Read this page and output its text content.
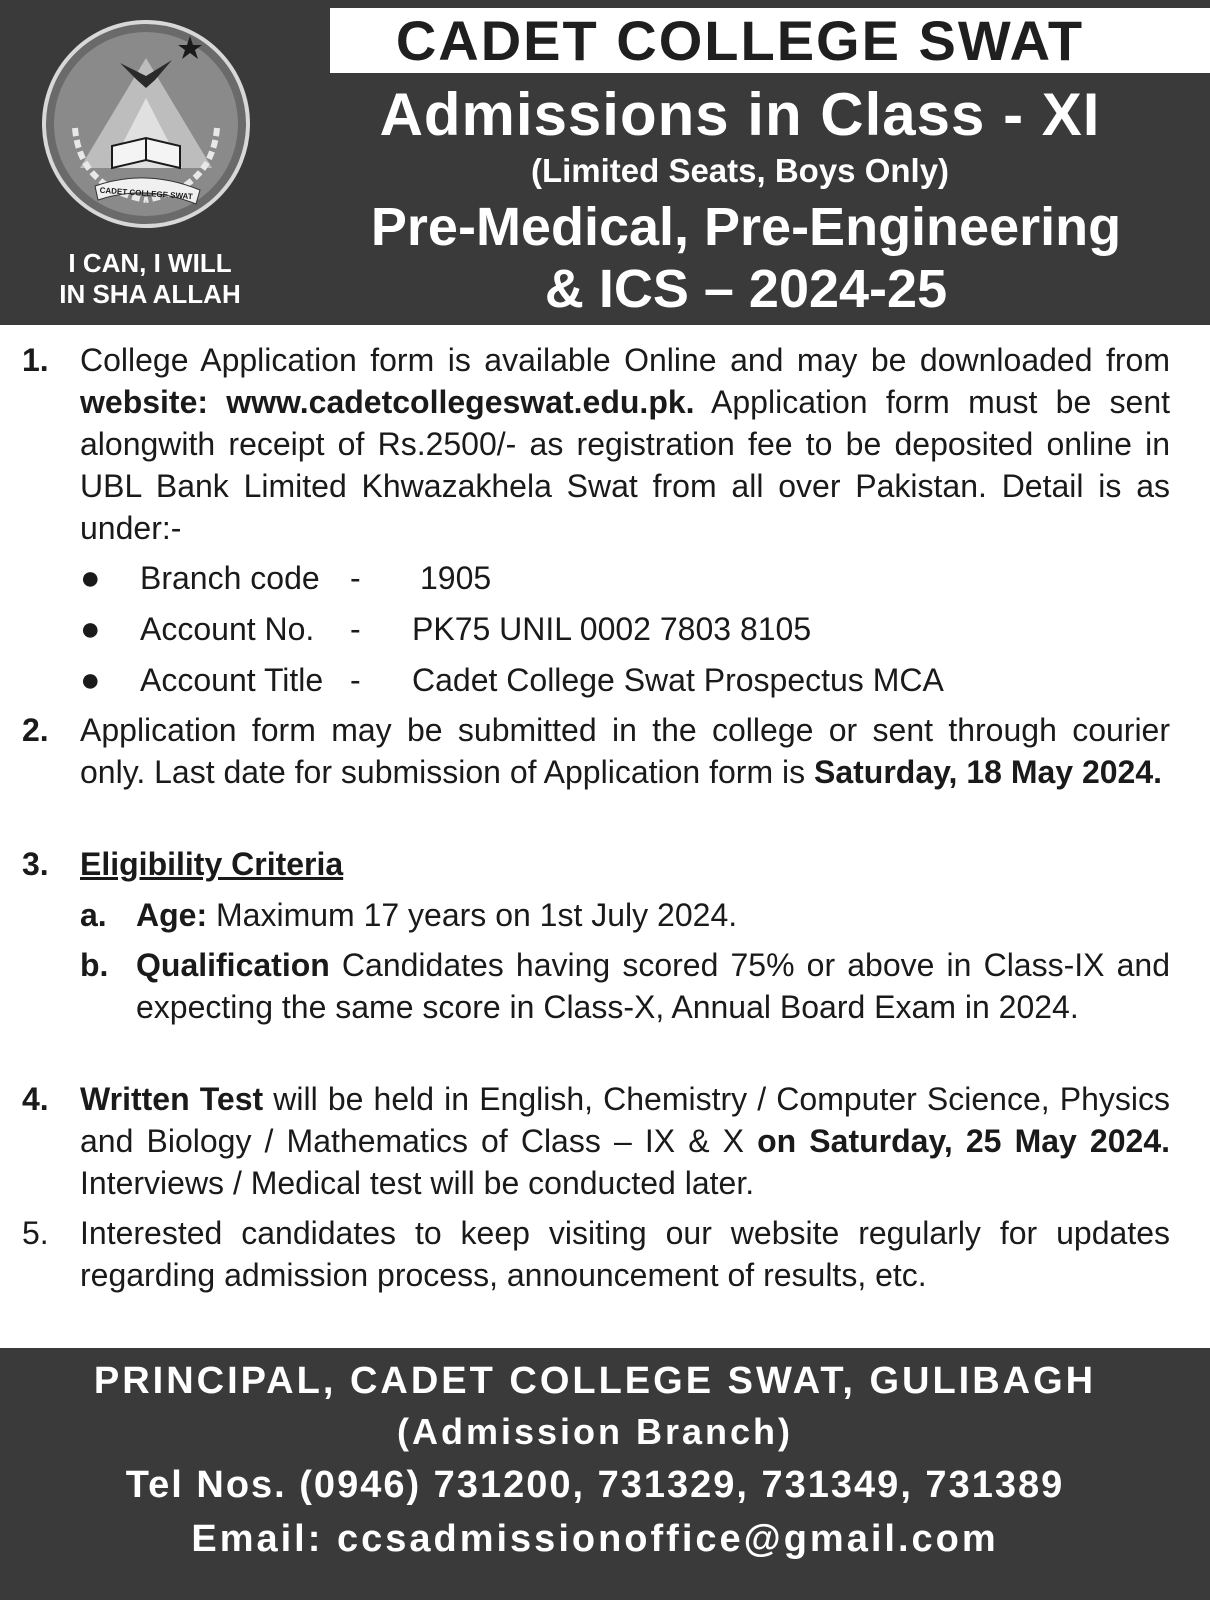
CADET COLLEGE SWAT
CADET COLLEGE SWAT
I CAN, I WILL
IN SHA ALLAH
Admissions in Class - XI
(Limited Seats, Boys Only)
Pre-Medical, Pre-Engineering
& ICS – 2024-25
1. College Application form is available Online and may be downloaded from website: www.cadetcollegeswat.edu.pk. Application form must be sent alongwith receipt of Rs.2500/- as registration fee to be deposited online in UBL Bank Limited Khwazakhela Swat from all over Pakistan. Detail is as under:-
● Branch code - 1905
● Account No. - PK75 UNIL 0002 7803 8105
● Account Title - Cadet College Swat Prospectus MCA
2. Application form may be submitted in the college or sent through courier only. Last date for submission of Application form is Saturday, 18 May 2024.
3. Eligibility Criteria
a. Age: Maximum 17 years on 1st July 2024.
b. Qualification Candidates having scored 75% or above in Class-IX and expecting the same score in Class-X, Annual Board Exam in 2024.
4. Written Test will be held in English, Chemistry / Computer Science, Physics and Biology / Mathematics of Class – IX & X on Saturday, 25 May 2024. Interviews / Medical test will be conducted later.
5. Interested candidates to keep visiting our website regularly for updates regarding admission process, announcement of results, etc.
PRINCIPAL, CADET COLLEGE SWAT, GULIBAGH
(Admission Branch)
Tel Nos. (0946) 731200, 731329, 731349, 731389
Email: ccsadmissionoffice@gmail.com
